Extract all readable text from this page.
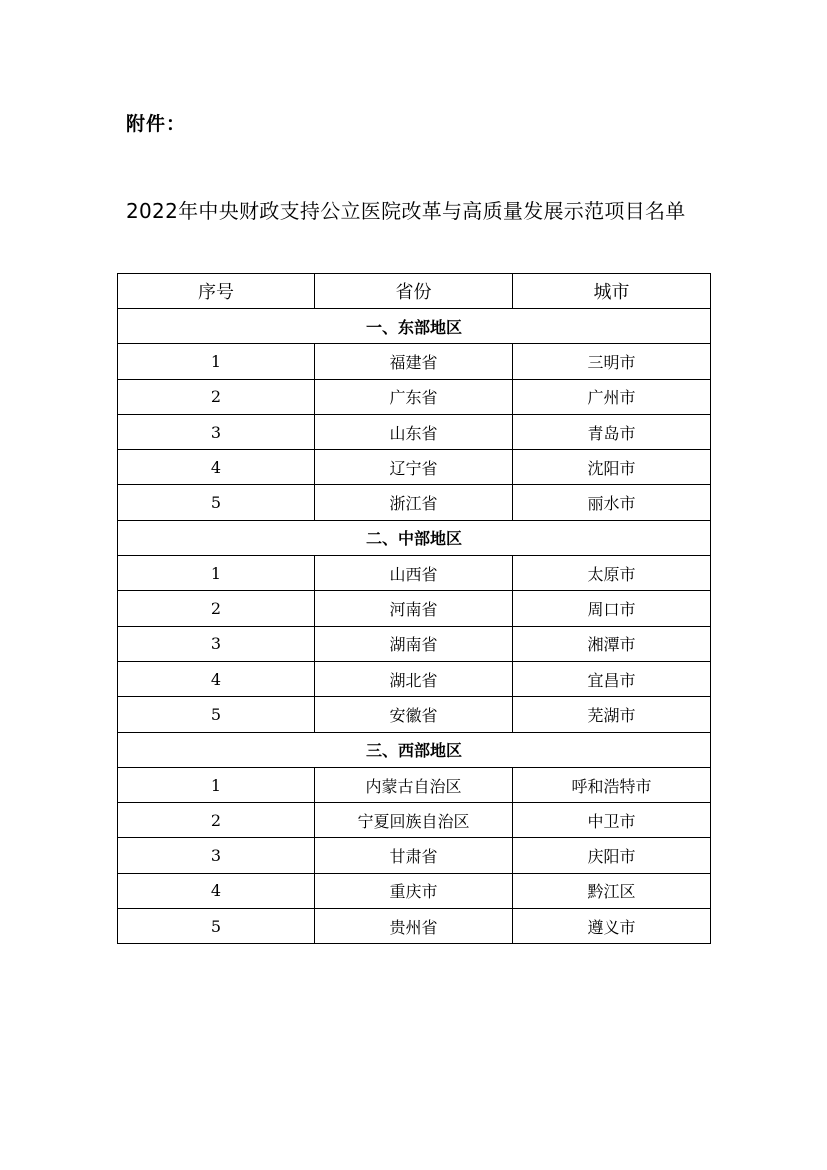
附件：
2022年中央财政支持公立医院改革与高质量发展示范项目名单
序号	省份	城市
一、东部地区		
1	福建省	三明市
2	广东省	广州市
3	山东省	青岛市
4	辽宁省	沈阳市
5	浙江省	丽水市
二、中部地区		
1	山西省	太原市
2	河南省	周口市
3	湖南省	湘潭市
4	湖北省	宜昌市
5	安徽省	芜湖市
三、西部地区		
1	内蒙古自治区	呼和浩特市
2	宁夏回族自治区	中卫市
3	甘肃省	庆阳市
4	重庆市	黔江区
5	贵州省	遵义市
